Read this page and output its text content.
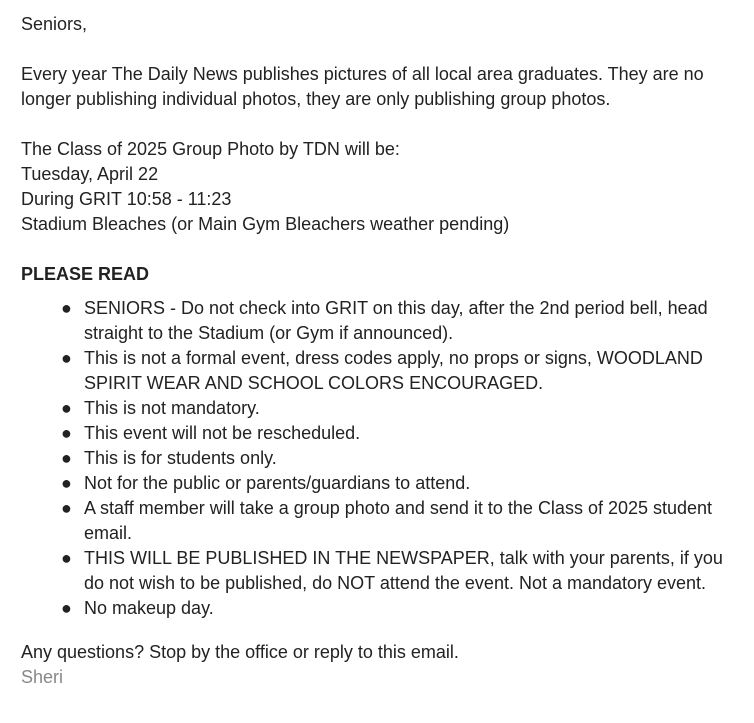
Seniors,

Every year The Daily News publishes pictures of all local area graduates. They are no longer publishing individual photos, they are only publishing group photos.

The Class of 2025 Group Photo by TDN will be:

Tuesday, April 22

During GRIT 10:58 - 11:23

Stadium Bleaches (or Main Gym Bleachers weather pending)

PLEASE READ

● SENIORS - Do not check into GRIT on this day, after the 2nd period bell, head straight to the Stadium (or Gym if announced).
● This is not a formal event, dress codes apply, no props or signs, WOODLAND SPIRIT WEAR AND SCHOOL COLORS ENCOURAGED.
● This is not mandatory.
● This event will not be rescheduled.
● This is for students only.
● Not for the public or parents/guardians to attend.
● A staff member will take a group photo and send it to the Class of 2025 student email.
● THIS WILL BE PUBLISHED IN THE NEWSPAPER, talk with your parents, if you do not wish to be published, do NOT attend the event. Not a mandatory event.
● No makeup day.

Any questions? Stop by the office or reply to this email.

Sheri
